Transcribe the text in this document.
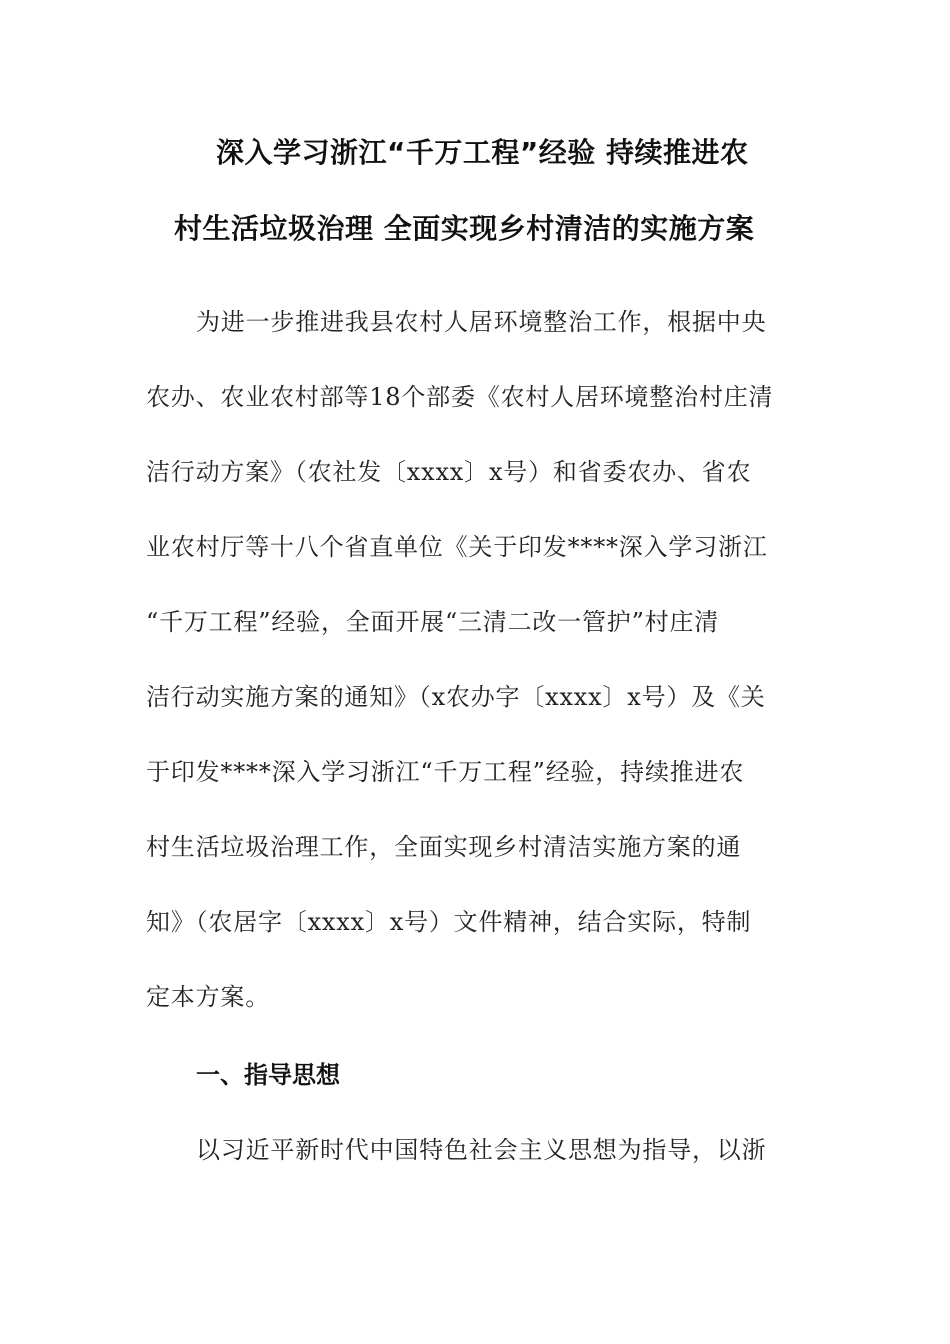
深入学习浙江“千万工程”经验 持续推进农
村生活垃圾治理 全面实现乡村清洁的实施方案
为进一步推进我县农村人居环境整治工作，根据中央
农办、农业农村部等18个部委《农村人居环境整治村庄清
洁行动方案》（农社发〔xxxx〕x号）和省委农办、省农
业农村厅等十八个省直单位《关于印发****深入学习浙江
“千万工程”经验，全面开展“三清二改一管护”村庄清
洁行动实施方案的通知》（x农办字〔xxxx〕x号）及《关
于印发****深入学习浙江“千万工程”经验，持续推进农
村生活垃圾治理工作，全面实现乡村清洁实施方案的通
知》（农居字〔xxxx〕x号）文件精神，结合实际，特制
定本方案。
一、指导思想
以习近平新时代中国特色社会主义思想为指导，以浙
